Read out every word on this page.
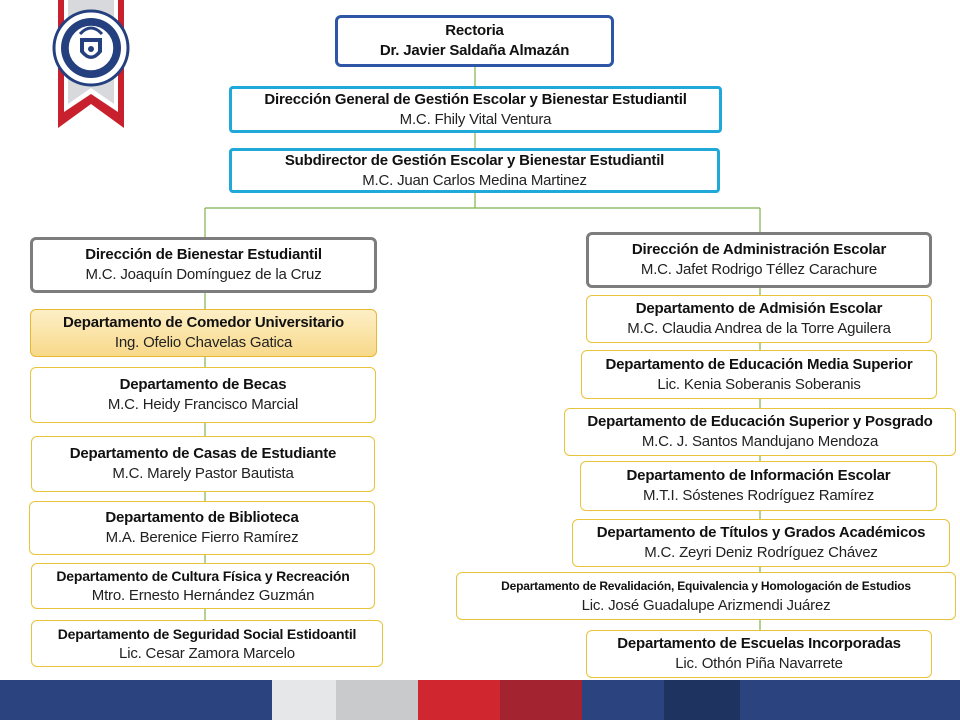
Rectoria
Dr. Javier Saldaña Almazán
Dirección General de Gestión Escolar y Bienestar Estudiantil
M.C. Fhily Vital Ventura
Subdirector de Gestión Escolar y Bienestar Estudiantil
M.C. Juan Carlos Medina Martinez
Dirección de Bienestar Estudiantil
M.C. Joaquín Domínguez de la Cruz
Departamento de Comedor Universitario
Ing. Ofelio Chavelas Gatica
Departamento de Becas
M.C. Heidy Francisco Marcial
Departamento de Casas de Estudiante
M.C. Marely Pastor Bautista
Departamento de Biblioteca
M.A. Berenice Fierro Ramírez
Departamento de Cultura Física y Recreación
Mtro. Ernesto Hernández Guzmán
Departamento de Seguridad Social Estidoantil
Lic. Cesar Zamora Marcelo
Dirección de Administración Escolar
M.C. Jafet Rodrigo Téllez Carachure
Departamento de Admisión Escolar
M.C. Claudia Andrea de la Torre Aguilera
Departamento de Educación Media Superior
Lic. Kenia Soberanis Soberanis
Departamento de Educación Superior y Posgrado
M.C. J. Santos Mandujano Mendoza
Departamento de Información Escolar
M.T.I. Sóstenes Rodríguez Ramírez
Departamento de Títulos y Grados Académicos
M.C. Zeyri Deniz Rodríguez Chávez
Departamento de Revalidación, Equivalencia y Homologación de Estudios
Lic. José Guadalupe Arizmendi Juárez
Departamento de Escuelas Incorporadas
Lic. Othón Piña Navarrete
